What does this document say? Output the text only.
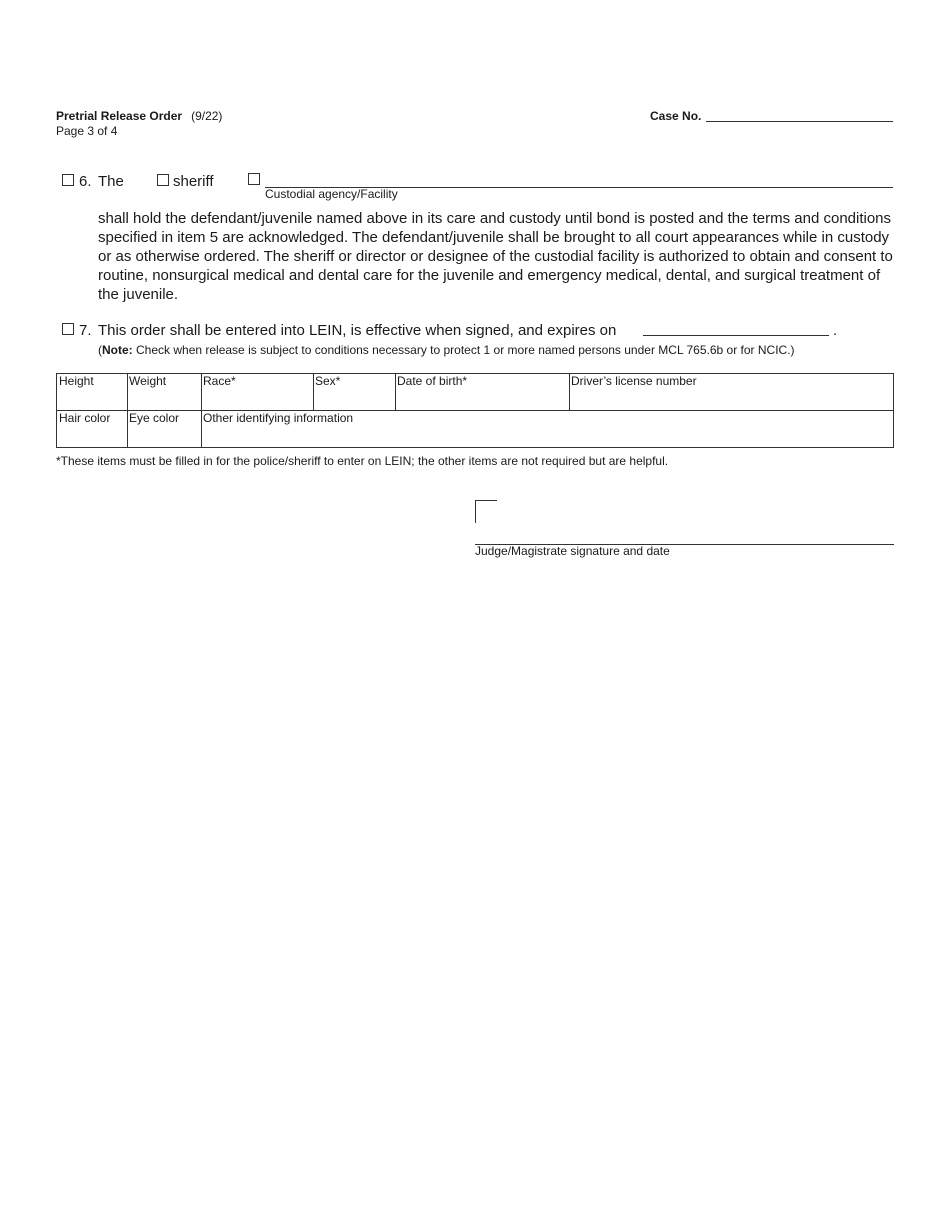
Pretrial Release Order (9/22)
Page 3 of 4
Case No.
6. The	sheriff
Custodial agency/Facility
shall hold the defendant/juvenile named above in its care and custody until bond is posted and the terms and conditions specified in item 5 are acknowledged. The defendant/juvenile shall be brought to all court appearances while in custody or as otherwise ordered. The sheriff or director or designee of the custodial facility is authorized to obtain and consent to routine, nonsurgical medical and dental care for the juvenile and emergency medical, dental, and surgical treatment of the juvenile.
7. This order shall be entered into LEIN, is effective when signed, and expires on	.
(Note: Check when release is subject to conditions necessary to protect 1 or more named persons under MCL 765.6b or for NCIC.)
Height	Weight	Race*	Sex*	Date of birth*	Driver’s license number
Hair color	Eye color	Other identifying information
*These items must be filled in for the police/sheriff to enter on LEIN; the other items are not required but are helpful.
Judge/Magistrate signature and date
